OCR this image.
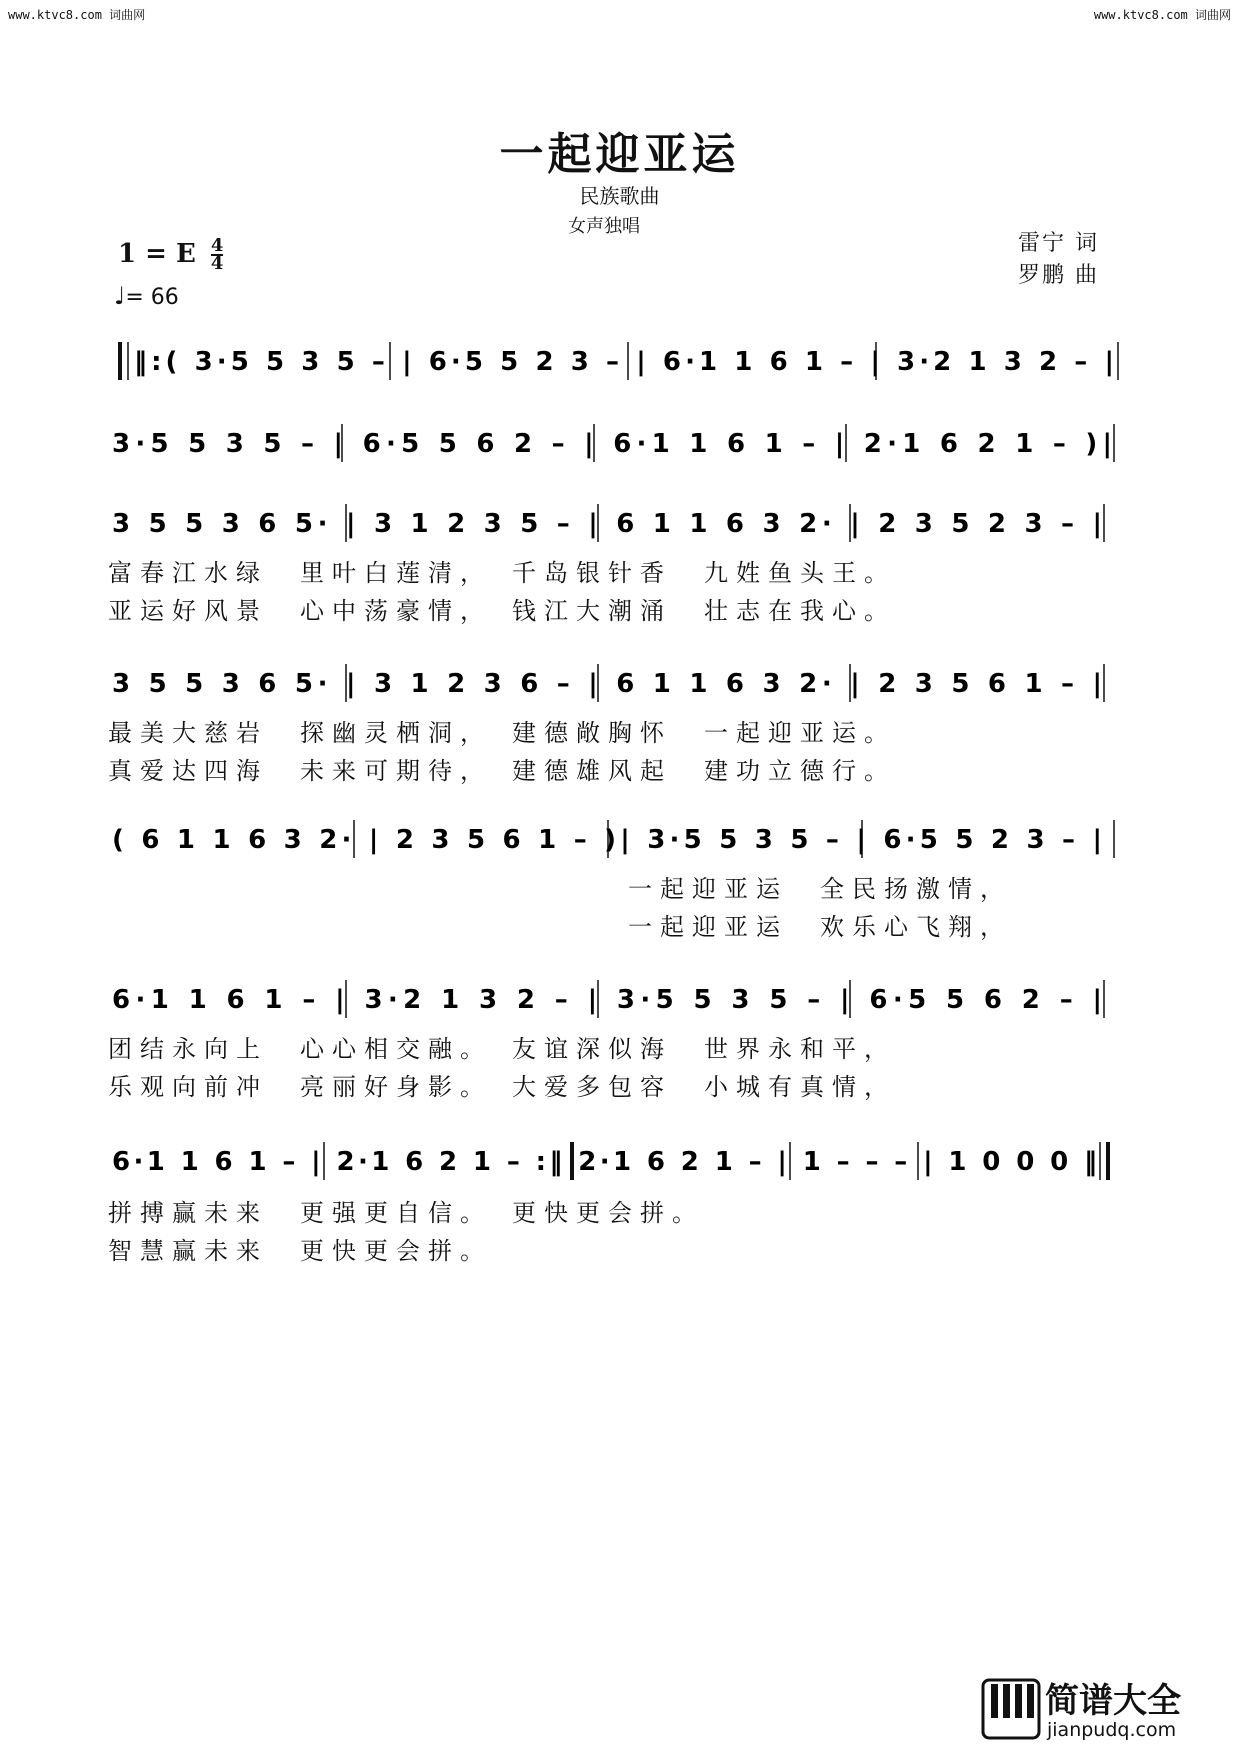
www.ktvc8.com 词曲网	www.ktvc8.com 词曲网
一起迎亚运
民族歌曲
女声独唱
雷宁 词
罗鹏 曲
1 = E $\frac{4}{4}$
♩= 66
‖:( 3·5 5 3 5 – | 6·5 5 2 3 – | 6·1 1 6 1 – | 3·2 1 3 2 – |
3·5 5 3 5 – | 6·5 5 6 2 – | 6·1 1 6 1 – | 2·1 6 2 1 – )|
3 5 5 3 6 5· | 3 1 2 3 5 – | 6 1 1 6 3 2· | 2 3 5 2 3 – |
富春江水绿　里叶白莲清，　千岛银针香　九姓鱼头王。
亚运好风景　心中荡豪情，　钱江大潮涌　壮志在我心。
3 5 5 3 6 5· | 3 1 2 3 6 – | 6 1 1 6 3 2· | 2 3 5 6 1 – |
最美大慈岩　探幽灵栖洞，　建德敞胸怀　一起迎亚运。
真爱达四海　未来可期待，　建德雄风起　建功立德行。
( 6 1 1 6 3 2· | 2 3 5 6 1 – )| 3·5 5 3 5 – | 6·5 5 2 3 – |
一起迎亚运　全民扬激情，
一起迎亚运　欢乐心飞翔，
6·1 1 6 1 – | 3·2 1 3 2 – | 3·5 5 3 5 – | 6·5 5 6 2 – |
团结永向上　心心相交融。　友谊深似海　世界永和平，
乐观向前冲　亮丽好身影。　大爱多包容　小城有真情，
6·1 1 6 1 – | 2·1 6 2 1 – :‖ 2·1 6 2 1 – | 1 – – – | 1 0 0 0 ‖
拼搏赢未来　更强更自信。　更快更会拼。
智慧赢未来　更快更会拼。
简谱大全
jianpudq.com
